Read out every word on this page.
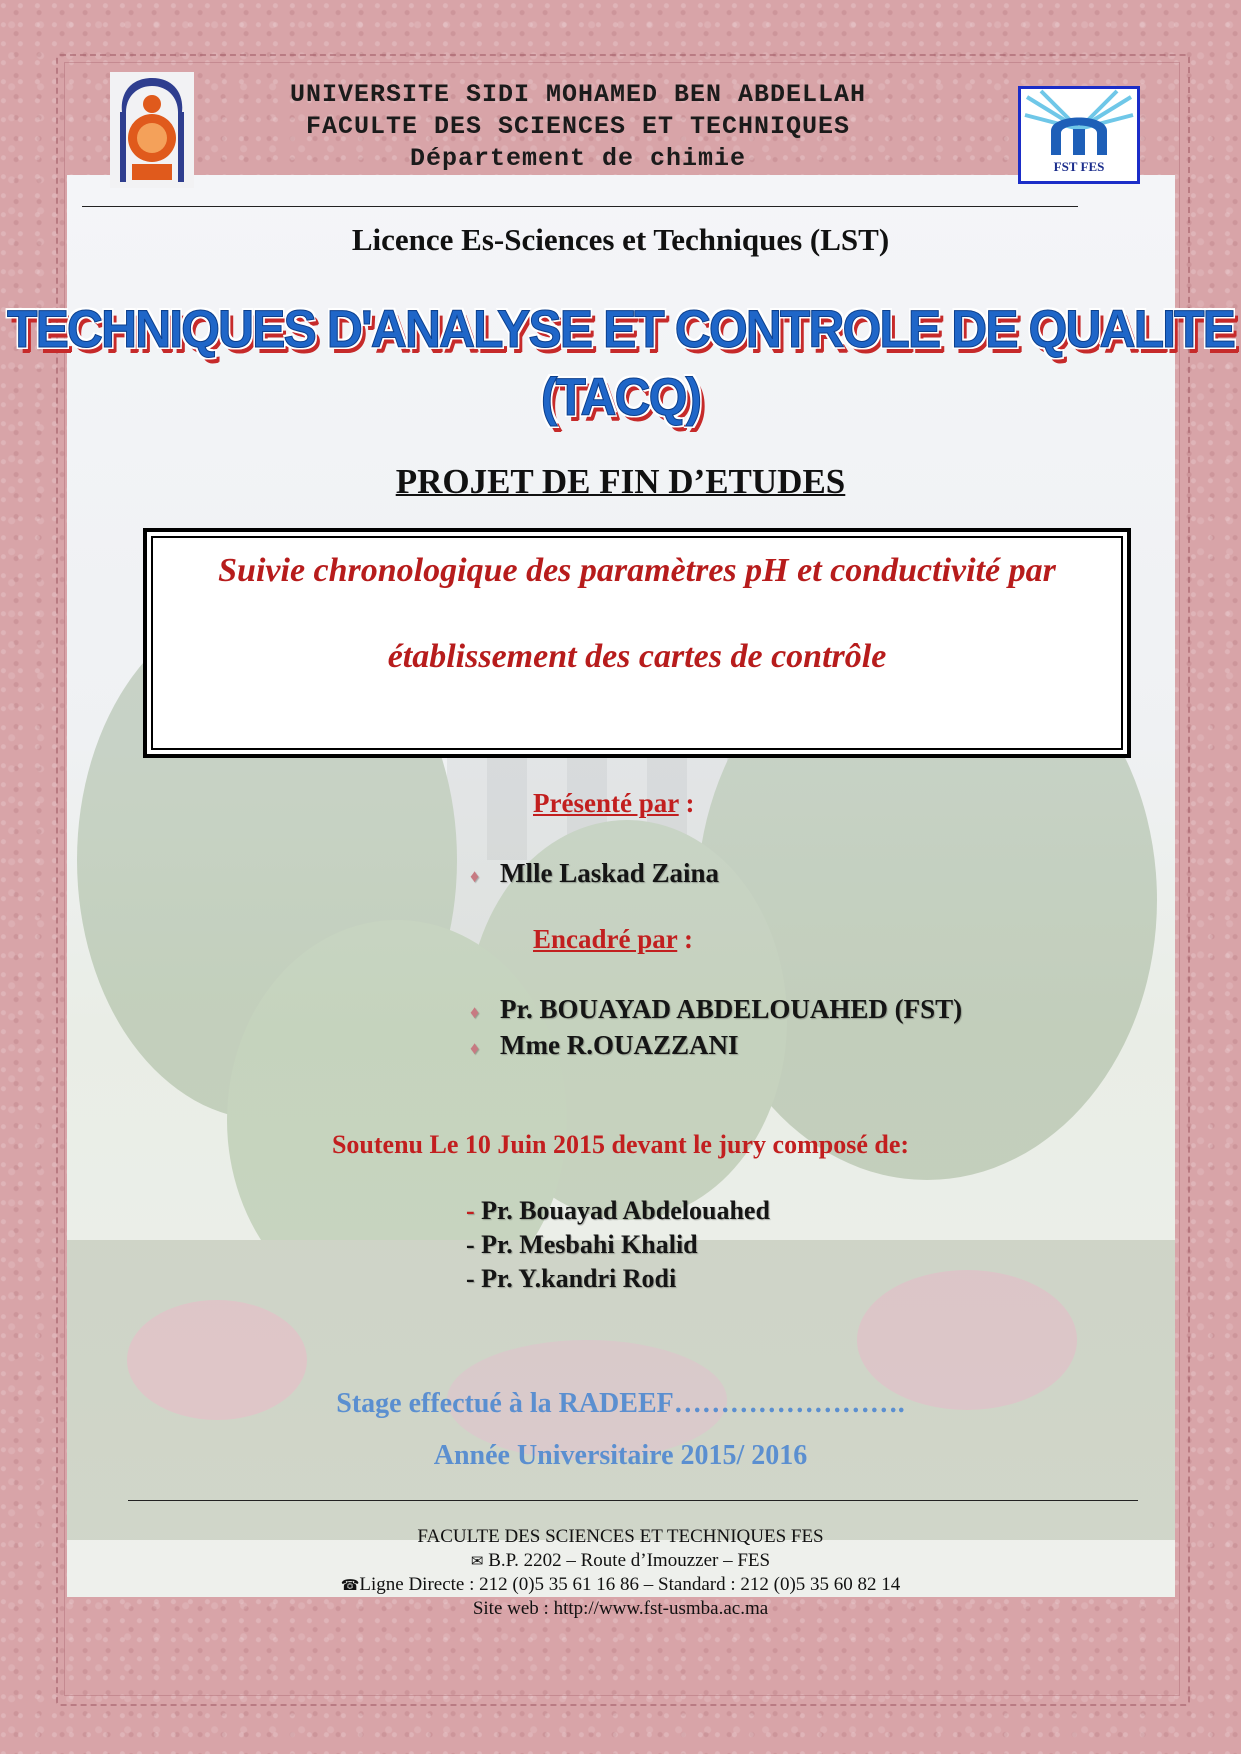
UNIVERSITE SIDI MOHAMED BEN ABDELLAH
FACULTE DES SCIENCES ET TECHNIQUES
Département de chimie	FST FES
Licence Es-Sciences et Techniques (LST)
TECHNIQUES D'ANALYSE ET CONTROLE DE QUALITE
(TACQ)
PROJET DE FIN D’ETUDES
Suivie chronologique des paramètres pH et conductivité par
établissement des cartes de contrôle
Présenté par :
♦ Mlle Laskad Zaina
Encadré par :
♦ Pr. BOUAYAD ABDELOUAHED (FST)
♦ Mme R.OUAZZANI
Soutenu Le 10 Juin 2015 devant le jury composé de:
- Pr. Bouayad Abdelouahed
- Pr. Mesbahi Khalid
- Pr. Y.kandri Rodi
Stage effectué à la RADEEF…………………….
Année Universitaire 2015/ 2016
FACULTE DES SCIENCES ET TECHNIQUES FES
✉ B.P. 2202 – Route d’Imouzzer – FES
☎Ligne Directe : 212 (0)5 35 61 16 86 – Standard : 212 (0)5 35 60 82 14
Site web : http://www.fst-usmba.ac.ma
